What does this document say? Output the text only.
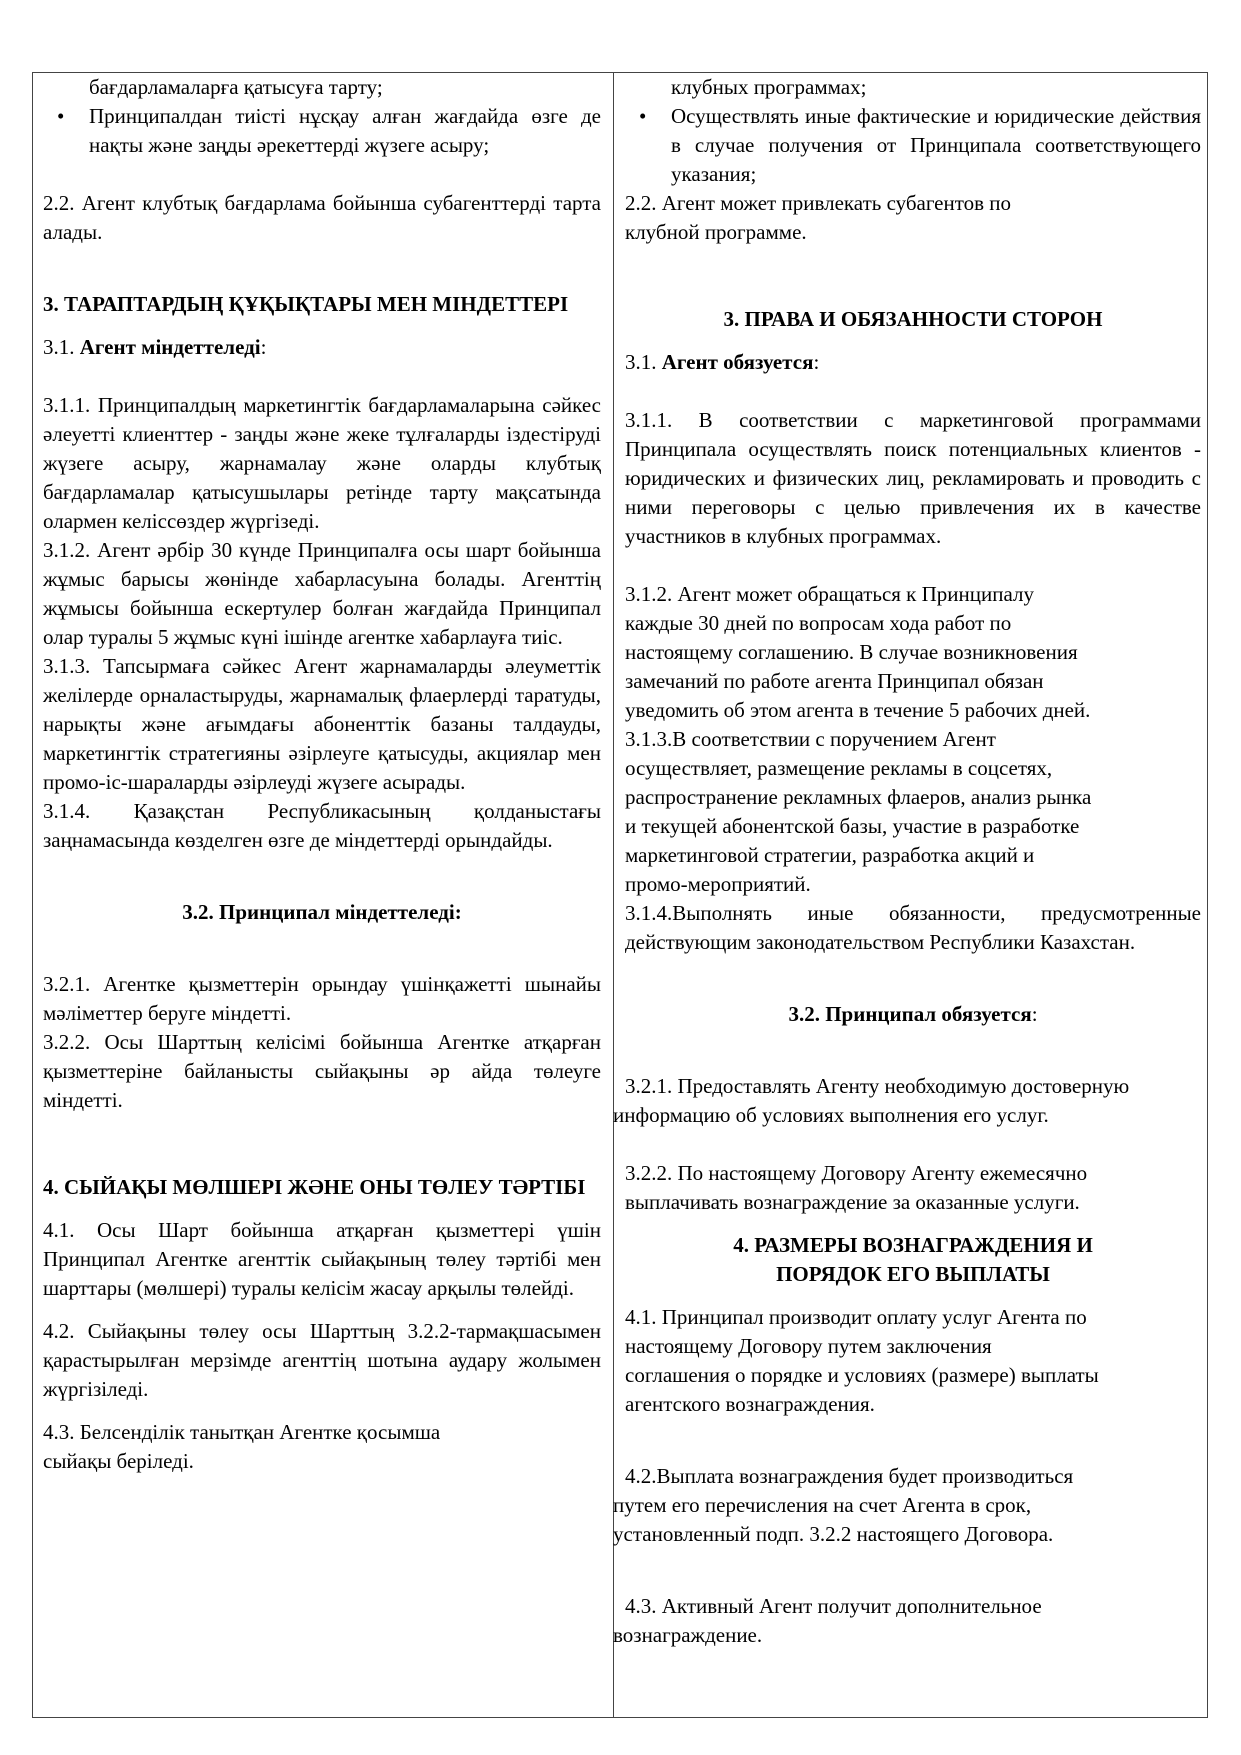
бағдарламаларға қатысуға тарту;

• Принципалдан тиісті нұсқау алған жағдайда өзге де нақты және заңды әрекеттерді жүзеге асыру;

2.2. Агент клубтық бағдарлама бойынша субагенттерді тарта алады.

3. ТАРАПТАРДЫҢ ҚҰҚЫҚТАРЫ МЕН МІНДЕТТЕРІ

3.1. Агент міндеттеледі:

3.1.1. Принципалдың маркетингтік бағдарламаларына сәйкес әлеуетті клиенттер - заңды және жеке тұлғаларды іздестіруді жүзеге асыру, жарнамалау және оларды клубтық бағдарламалар қатысушылары ретінде тарту мақсатында олармен келіссөздер жүргізеді.

3.1.2. Агент әрбір 30 күнде Принципалға осы шарт бойынша жұмыс барысы жөнінде хабарласуына болады. Агенттің жұмысы бойынша ескертулер болған жағдайда Принципал олар туралы 5 жұмыс күні ішінде агентке хабарлауға тиіс.

3.1.3. Тапсырмаға сәйкес Агент жарнамаларды әлеуметтік желілерде орналастыруды, жарнамалық флаерлерді таратуды, нарықты және ағымдағы абоненттік базаны талдауды, маркетингтік стратегияны әзірлеуге қатысуды, акциялар мен промо-іс-шараларды әзірлеуді жүзеге асырады.

3.1.4. Қазақстан Республикасының қолданыстағы заңнамасында көзделген өзге де міндеттерді орындайды.

3.2. Принципал міндеттеледі:

3.2.1. Агентке қызметтерін орындау үшінқажетті шынайы мәліметтер беруге міндетті.

3.2.2. Осы Шарттың келісімі бойынша Агентке атқарған қызметтеріне байланысты сыйақыны әр айда төлеуге міндетті.

4. СЫЙАҚЫ МӨЛШЕРІ ЖӘНЕ ОНЫ ТӨЛЕУ ТӘРТІБІ

4.1. Осы Шарт бойынша атқарған қызметтері үшін Принципал Агентке агенттік сыйақының төлеу тәртібі мен шарттары (мөлшері) туралы келісім жасау арқылы төлейді.

4.2. Сыйақыны төлеу осы Шарттың 3.2.2-тармақшасымен қарастырылған мерзімде агенттің шотына аудару жолымен жүргізіледі.

4.3. Белсенділік танытқан Агентке қосымша

сыйақы беріледі.

клубных программах;

• Осуществлять иные фактические и юридические действия в случае получения от Принципала соответствующего указания;

2.2. Агент может привлекать субагентов по

клубной программе.

3. ПРАВА И ОБЯЗАННОСТИ СТОРОН

3.1. Агент обязуется:

3.1.1. В соответствии с маркетинговой программами Принципала осуществлять поиск потенциальных клиентов - юридических и физических лиц, рекламировать и проводить с ними переговоры с целью привлечения их в качестве участников в клубных программах.

3.1.2. Агент может обращаться к Принципалу

каждые 30 дней по вопросам хода работ по

настоящему соглашению. В случае возникновения

замечаний по работе агента Принципал обязан

уведомить об этом агента в течение 5 рабочих дней.

3.1.3.В соответствии с поручением Агент

осуществляет, размещение рекламы в соцсетях,

распространение рекламных флаеров, анализ рынка

и текущей абонентской базы, участие в разработке

маркетинговой стратегии, разработка акций и

промо-мероприятий.

3.1.4.Выполнять иные обязанности, предусмотренные действующим законодательством Республики Казахстан.

3.2. Принципал обязуется:

3.2.1. Предоставлять Агенту необходимую достоверную

информацию об условиях выполнения его услуг.

3.2.2. По настоящему Договору Агенту ежемесячно

выплачивать вознаграждение за оказанные услуги.

4. РАЗМЕРЫ ВОЗНАГРАЖДЕНИЯ И

ПОРЯДОК ЕГО ВЫПЛАТЫ

4.1. Принципал производит оплату услуг Агента по

настоящему Договору путем заключения

соглашения о порядке и условиях (размере) выплаты

агентского вознаграждения.

4.2.Выплата вознаграждения будет производиться

путем его перечисления на счет Агента в срок,

установленный подп. 3.2.2 настоящего Договора.

4.3. Активный Агент получит дополнительное

вознаграждение.
